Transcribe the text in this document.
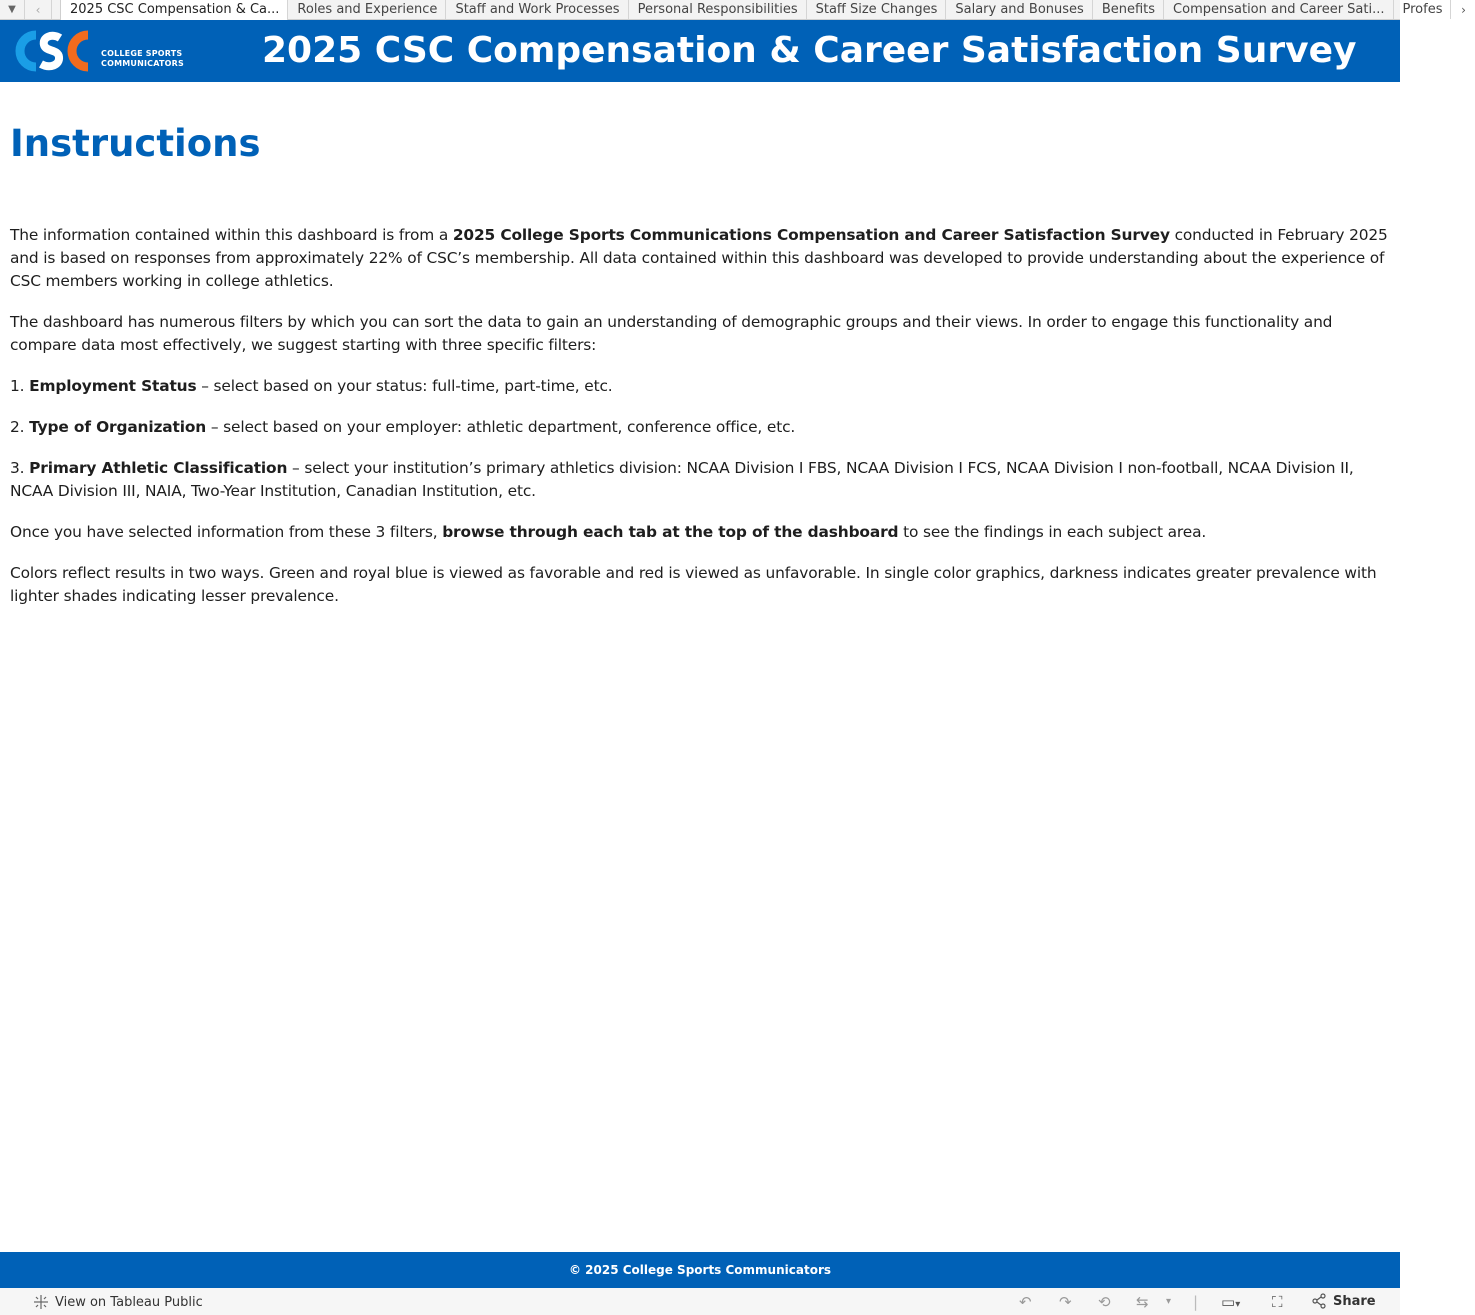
▼	‹	2025 CSC Compensation & Ca...	Roles and Experience	Staff and Work Processes	Personal Responsibilities	Staff Size Changes	Salary and Bonuses	Benefits	Compensation and Career Sati...	Profes	›
COLLEGE SPORTS
COMMUNICATORS 2025 CSC Compensation & Career Satisfaction Survey
Instructions

The information contained within this dashboard is from a 2025 College Sports Communications Compensation and Career Satisfaction Survey conducted in February 2025 and is based on responses from approximately 22% of CSC’s membership. All data contained within this dashboard was developed to provide understanding about the experience of CSC members working in college athletics.

The dashboard has numerous filters by which you can sort the data to gain an understanding of demographic groups and their views. In order to engage this functionality and compare data most effectively, we suggest starting with three specific filters:

1. Employment Status – select based on your status: full-time, part-time, etc.

2. Type of Organization – select based on your employer: athletic department, conference office, etc.

3. Primary Athletic Classification – select your institution’s primary athletics division: NCAA Division I FBS, NCAA Division I FCS, NCAA Division I non-football, NCAA Division II, NCAA Division III, NAIA, Two-Year Institution, Canadian Institution, etc.

Once you have selected information from these 3 filters, browse through each tab at the top of the dashboard to see the findings in each subject area.

Colors reflect results in two ways. Green and royal blue is viewed as favorable and red is viewed as unfavorable. In single color graphics, darkness indicates greater prevalence with lighter shades indicating lesser prevalence.

© 2025 College Sports Communicators
View on Tableau Public	↶ ↷ ⟲ ⇆ ▾ | ▭▾ ⛶	Share
